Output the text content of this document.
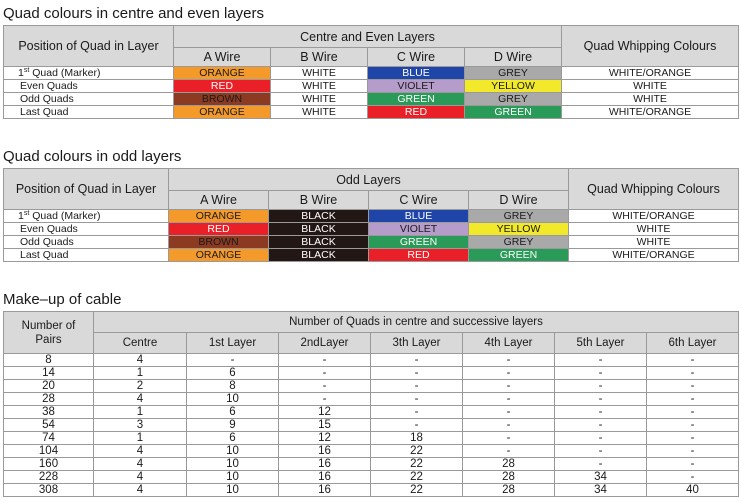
Quad colours in centre and even layers
Position of Quad in Layer	Centre and Even Layers				Quad Whipping Colours
	A Wire	B Wire	C Wire	D Wire	
1st Quad (Marker)	ORANGE	WHITE	BLUE	GREY	WHITE/ORANGE
Even Quads	RED	WHITE	VIOLET	YELLOW	WHITE
Odd Quads	BROWN	WHITE	GREEN	GREY	WHITE
Last Quad	ORANGE	WHITE	RED	GREEN	WHITE/ORANGE
Quad colours in odd layers
Position of Quad in Layer	Odd Layers				Quad Whipping Colours
	A Wire	B Wire	C Wire	D Wire	
1st Quad (Marker)	ORANGE	BLACK	BLUE	GREY	WHITE/ORANGE
Even Quads	RED	BLACK	VIOLET	YELLOW	WHITE
Odd Quads	BROWN	BLACK	GREEN	GREY	WHITE
Last Quad	ORANGE	BLACK	RED	GREEN	WHITE/ORANGE
Make–up of cable
Number of
Pairs	Number of Quads in centre and successive layers						
	Centre	1st Layer	2ndLayer	3th Layer	4th Layer	5th Layer	6th Layer
8	4	-	-	-	-	-	-
14	1	6	-	-	-	-	-
20	2	8	-	-	-	-	-
28	4	10	-	-	-	-	-
38	1	6	12	-	-	-	-
54	3	9	15	-	-	-	-
74	1	6	12	18	-	-	-
104	4	10	16	22	-	-	-
160	4	10	16	22	28	-	-
228	4	10	16	22	28	34	-
308	4	10	16	22	28	34	40
